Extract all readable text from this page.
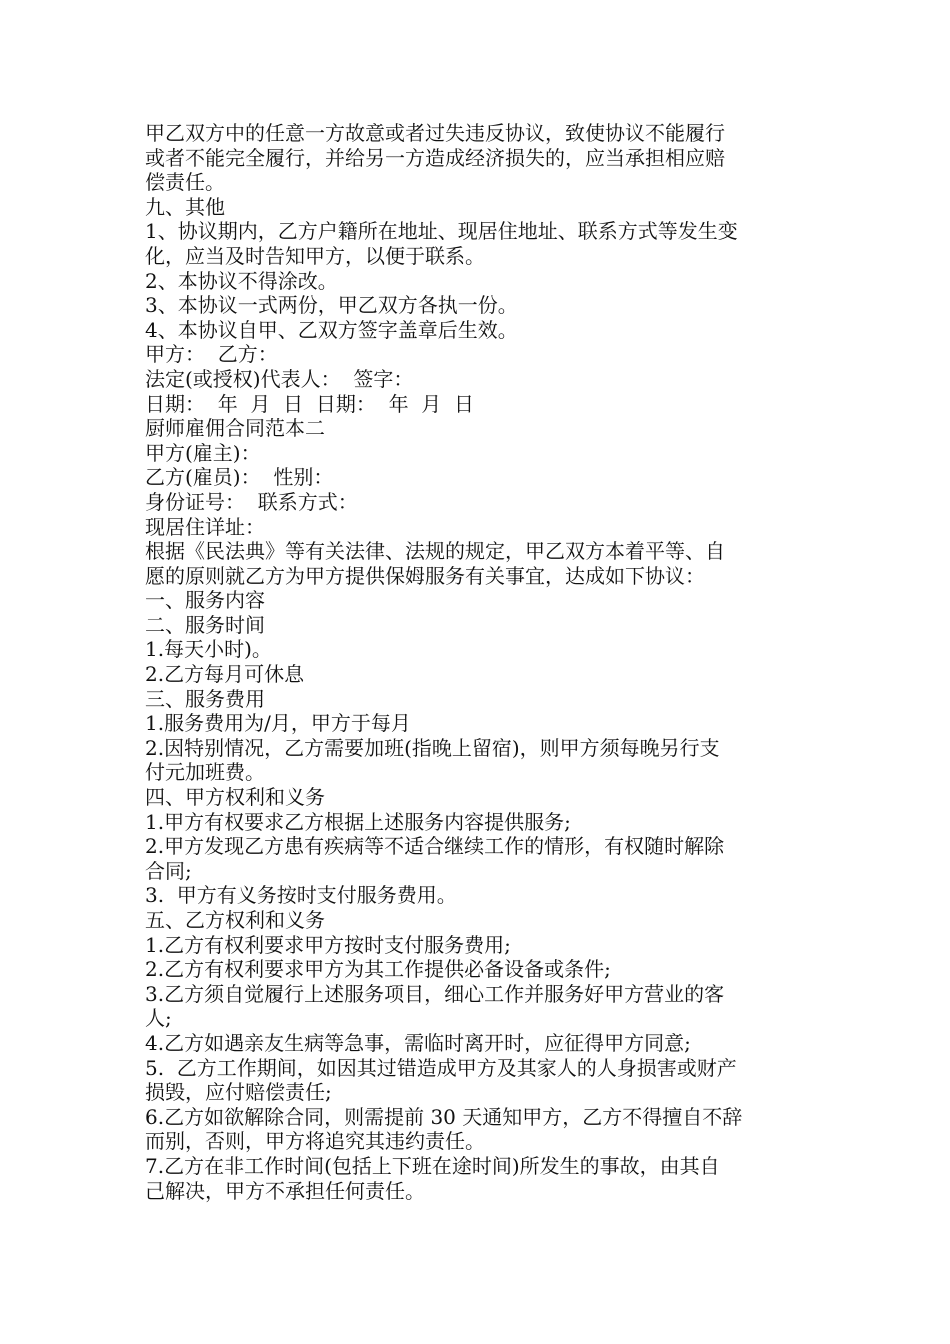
甲乙双方中的任意一方故意或者过失违反协议，致使协议不能履行
或者不能完全履行，并给另一方造成经济损失的，应当承担相应赔
偿责任。
九、其他
1、协议期内，乙方户籍所在地址、现居住地址、联系方式等发生变
化，应当及时告知甲方，以便于联系。
2、本协议不得涂改。
3、本协议一式两份，甲乙双方各执一份。
4、本协议自甲、乙双方签字盖章后生效。
甲方：  乙方：
法定(或授权)代表人：  签字：
日期：  年  月  日  日期：  年  月  日
厨师雇佣合同范本二
甲方(雇主)：
乙方(雇员)：  性别：
身份证号：  联系方式：
现居住详址：
根据《民法典》等有关法律、法规的规定，甲乙双方本着平等、自
愿的原则就乙方为甲方提供保姆服务有关事宜，达成如下协议：
一、服务内容
二、服务时间
1.每天小时)。
2.乙方每月可休息
三、服务费用
1.服务费用为/月，甲方于每月
2.因特别情况，乙方需要加班(指晚上留宿)，则甲方须每晚另行支
付元加班费。
四、甲方权利和义务
1.甲方有权要求乙方根据上述服务内容提供服务;
2.甲方发现乙方患有疾病等不适合继续工作的情形，有权随时解除
合同;
3.  甲方有义务按时支付服务费用。
五、乙方权利和义务
1.乙方有权利要求甲方按时支付服务费用;
2.乙方有权利要求甲方为其工作提供必备设备或条件;
3.乙方须自觉履行上述服务项目，细心工作并服务好甲方营业的客
人;
4.乙方如遇亲友生病等急事，需临时离开时，应征得甲方同意;
5.  乙方工作期间，如因其过错造成甲方及其家人的人身损害或财产
损毁，应付赔偿责任;
6.乙方如欲解除合同，则需提前 30 天通知甲方，乙方不得擅自不辞
而别，否则，甲方将追究其违约责任。
7.乙方在非工作时间(包括上下班在途时间)所发生的事故，由其自
己解决，甲方不承担任何责任。
